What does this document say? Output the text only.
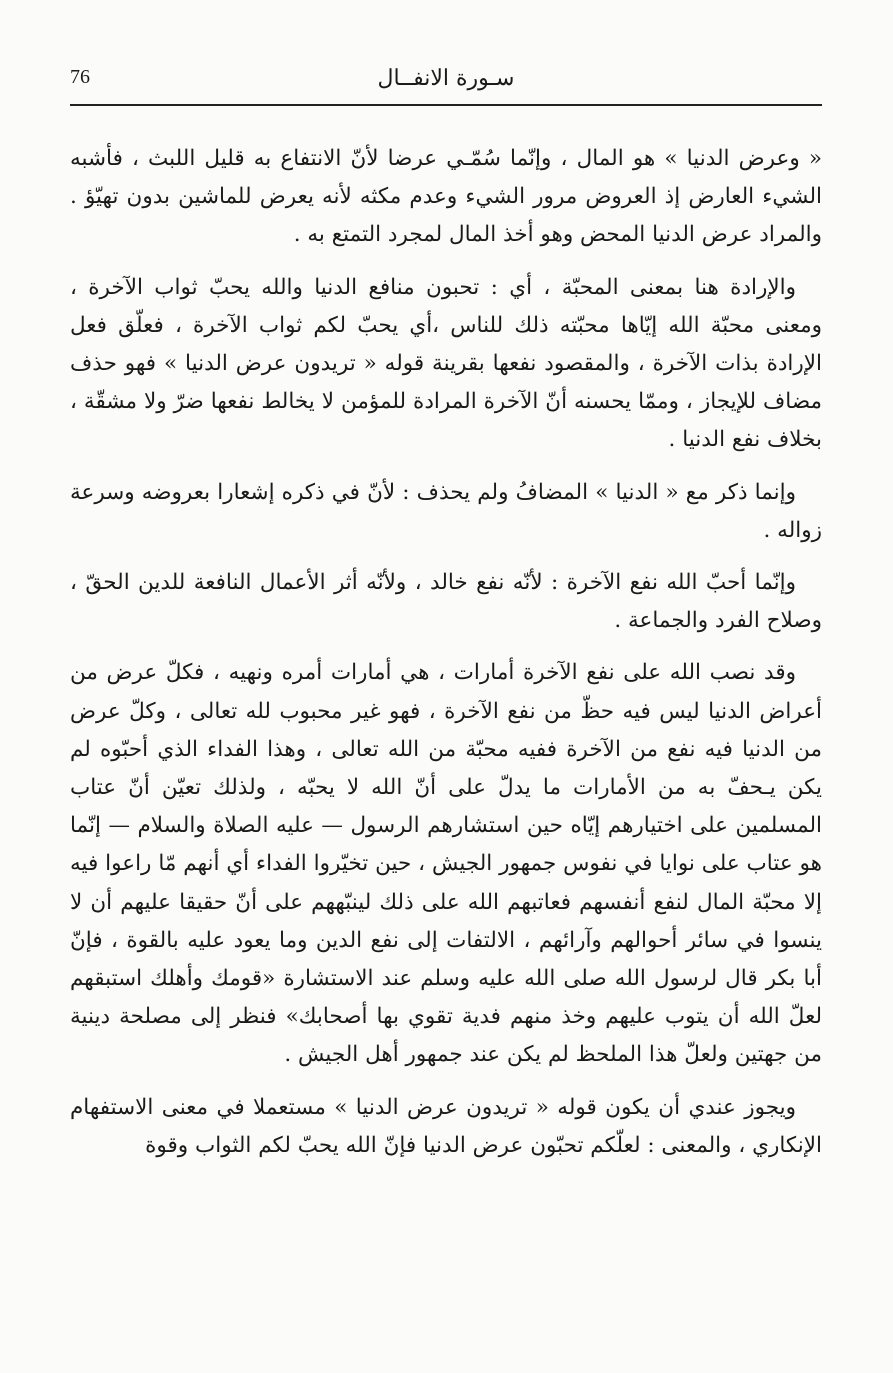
76	سـورة الانفــال

« وعرض الدنيا » هو المال ، وإنّما سُمّـي عرضا لأنّ الانتفاع به قليل اللبث ، فأشبه الشيء العارض إذ العروض مرور الشيء وعدم مكثه لأنه يعرض للماشين بدون تهيّؤ . والمراد عرض الدنيا المحض وهو أخذ المال لمجرد التمتع به .

والإرادة هنا بمعنى المحبّة ، أي : تحبون منافع الدنيا والله يحبّ ثواب الآخرة ، ومعنى محبّة الله إيّاها محبّته ذلك للناس ،أي يحبّ لكم ثواب الآخرة ، فعلّق فعل الإرادة بذات الآخرة ، والمقصود نفعها بقرينة قوله « تريدون عرض الدنيا » فهو حذف مضاف للإيجاز ، وممّا يحسنه أنّ الآخرة المرادة للمؤمن لا يخالط نفعها ضرّ ولا مشقّة ، بخلاف نفع الدنيا .

وإنما ذكر مع « الدنيا » المضافُ ولم يحذف : لأنّ في ذكره إشعارا بعروضه وسرعة زواله .

وإنّما أحبّ الله نفع الآخرة : لأنّه نفع خالد ، ولأنّه أثر الأعمال النافعة للدين الحقّ ، وصلاح الفرد والجماعة .

وقد نصب الله على نفع الآخرة أمارات ، هي أمارات أمره ونهيه ، فكلّ عرض من أعراض الدنيا ليس فيه حظّ من نفع الآخرة ، فهو غير محبوب لله تعالى ، وكلّ عرض من الدنيا فيه نفع من الآخرة ففيه محبّة من الله تعالى ، وهذا الفداء الذي أحبّوه لم يكن يـحفّ به من الأمارات ما يدلّ على أنّ الله لا يحبّه ، ولذلك تعيّن أنّ عتاب المسلمين على اختيارهم إيّاه حين استشارهم الرسول — عليه الصلاة والسلام — إنّما هو عتاب على نوايا في نفوس جمهور الجيش ، حين تخيّروا الفداء أي أنهم مّا راعوا فيه إلا محبّة المال لنفع أنفسهم فعاتبهم الله على ذلك لينبّههم على أنّ حقيقا عليهم أن لا ينسوا في سائر أحوالهم وآرائهم ، الالتفات إلى نفع الدين وما يعود عليه بالقوة ، فإنّ أبا بكر قال لرسول الله صلى الله عليه وسلم عند الاستشارة «قومك وأهلك استبقهم لعلّ الله أن يتوب عليهم وخذ منهم فدية تقوي بها أصحابك» فنظر إلى مصلحة دينية من جهتين ولعلّ هذا الملحظ لم يكن عند جمهور أهل الجيش .

ويجوز عندي أن يكون قوله « تريدون عرض الدنيا » مستعملا في معنى الاستفهام الإنكاري ، والمعنى : لعلّكم تحبّون عرض الدنيا فإنّ الله يحبّ لكم الثواب وقوة
